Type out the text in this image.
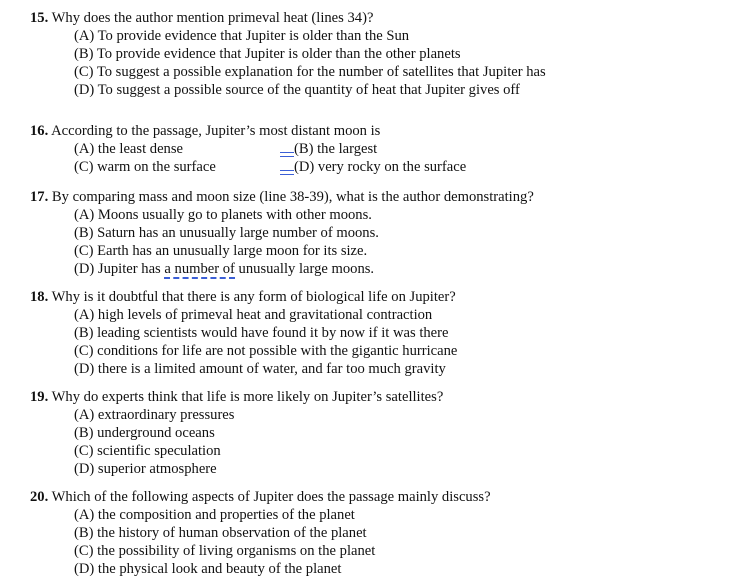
15. Why does the author mention primeval heat (lines 34)?
(A) To provide evidence that Jupiter is older than the Sun
(B) To provide evidence that Jupiter is older than the other planets
(C) To suggest a possible explanation for the number of satellites that Jupiter has
(D) To suggest a possible source of the quantity of heat that Jupiter gives off
16. According to the passage, Jupiter’s most distant moon is
(A) the least dense	(B) the largest
(C) warm on the surface	(D) very rocky on the surface
17. By comparing mass and moon size (line 38-39), what is the author demonstrating?
(A) Moons usually go to planets with other moons.
(B) Saturn has an unusually large number of moons.
(C) Earth has an unusually large moon for its size.
(D) Jupiter has a number of unusually large moons.
18. Why is it doubtful that there is any form of biological life on Jupiter?
(A) high levels of primeval heat and gravitational contraction
(B) leading scientists would have found it by now if it was there
(C) conditions for life are not possible with the gigantic hurricane
(D) there is a limited amount of water, and far too much gravity
19. Why do experts think that life is more likely on Jupiter’s satellites?
(A) extraordinary pressures
(B) underground oceans
(C) scientific speculation
(D) superior atmosphere
20. Which of the following aspects of Jupiter does the passage mainly discuss?
(A) the composition and properties of the planet
(B) the history of human observation of the planet
(C) the possibility of living organisms on the planet
(D) the physical look and beauty of the planet
